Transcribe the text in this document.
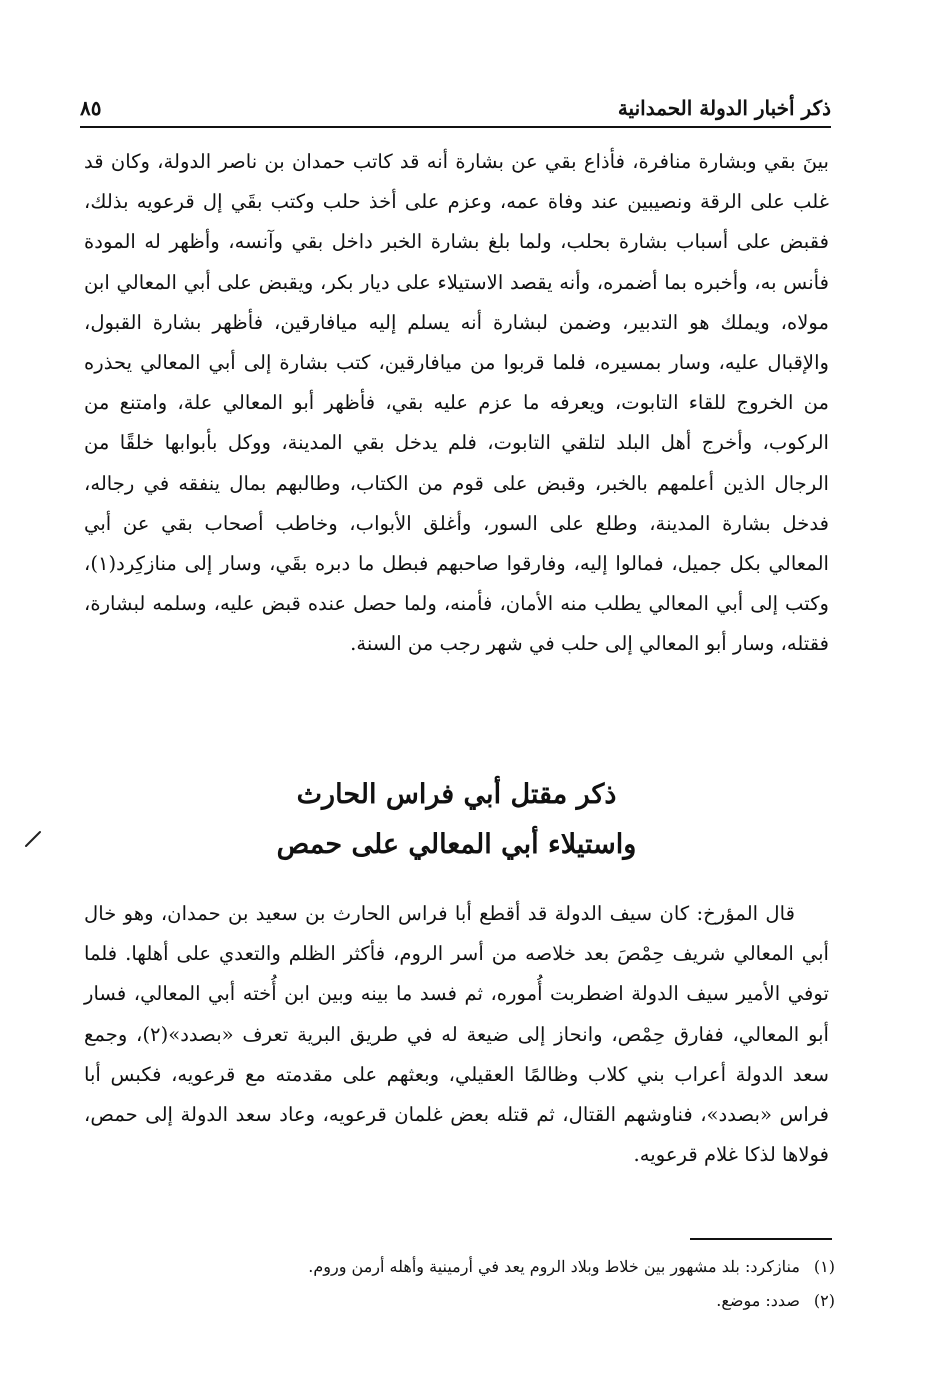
ذكر أخبار الدولة الحمدانية
٨٥

بينَ بقي وبشارة منافرة، فأذاع بقي عن بشارة أنه قد كاتب حمدان بن ناصر الدولة، وكان قد غلب على الرقة ونصيبين عند وفاة عمه، وعزم على أخذ حلب وكتب بقَي إل قرعويه بذلك، فقبض على أسباب بشارة بحلب، ولما بلغ بشارة الخبر داخل بقي وآنسه، وأظهر له المودة فأنس به، وأخبره بما أضمره، وأنه يقصد الاستيلاء على ديار بكر، ويقبض على أبي المعالي ابن مولاه، ويملك هو التدبير، وضمن لبشارة أنه يسلم إليه ميافارقين، فأظهر بشارة القبول، والإقبال عليه، وسار بمسيره، فلما قربوا من ميافارقين، كتب بشارة إلى أبي المعالي يحذره من الخروج للقاء التابوت، ويعرفه ما عزم عليه بقي، فأظهر أبو المعالي علة، وامتنع من الركوب، وأخرج أهل البلد لتلقي التابوت، فلم يدخل بقي المدينة، ووكل بأبوابها خلقًا من الرجال الذين أعلمهم بالخبر، وقبض على قوم من الكتاب، وطالبهم بمال ينفقه في رجاله، فدخل بشارة المدينة، وطلع على السور، وأغلق الأبواب، وخاطب أصحاب بقي عن أبي المعالي بكل جميل، فمالوا إليه، وفارقوا صاحبهم فبطل ما دبره بقَي، وسار إلى منازكِرد(١)، وكتب إلى أبي المعالي يطلب منه الأمان، فأمنه، ولما حصل عنده قبض عليه، وسلمه لبشارة، فقتله، وسار أبو المعالي إلى حلب في شهر رجب من السنة.

ذكر مقتل أبي فراس الحارث
واستيلاء أبي المعالي على حمص

قال المؤرخ: كان سيف الدولة قد أقطع أبا فراس الحارث بن سعيد بن حمدان، وهو خال أبي المعالي شريف حِمْصَ بعد خلاصه من أسر الروم، فأكثر الظلم والتعدي على أهلها. فلما توفي الأمير سيف الدولة اضطربت أُموره، ثم فسد ما بينه وبين ابن أُخته أبي المعالي، فسار أبو المعالي، ففارق حِمْص، وانحاز إلى ضيعة له في طريق البرية تعرف «بصدد»(٢)، وجمع سعد الدولة أعراب بني كلاب وظالمًا العقيلي، وبعثهم على مقدمته مع قرعويه، فكبس أبا فراس «بصدد»، فناوشهم القتال، ثم قتله بعض غلمان قرعويه، وعاد سعد الدولة إلى حمص، فولاها لذكا غلام قرعويه.

(١)منازكرد: بلد مشهور بين خلاط وبلاد الروم يعد في أرمينية وأهله أرمن وروم.
(٢)صدد: موضع.
